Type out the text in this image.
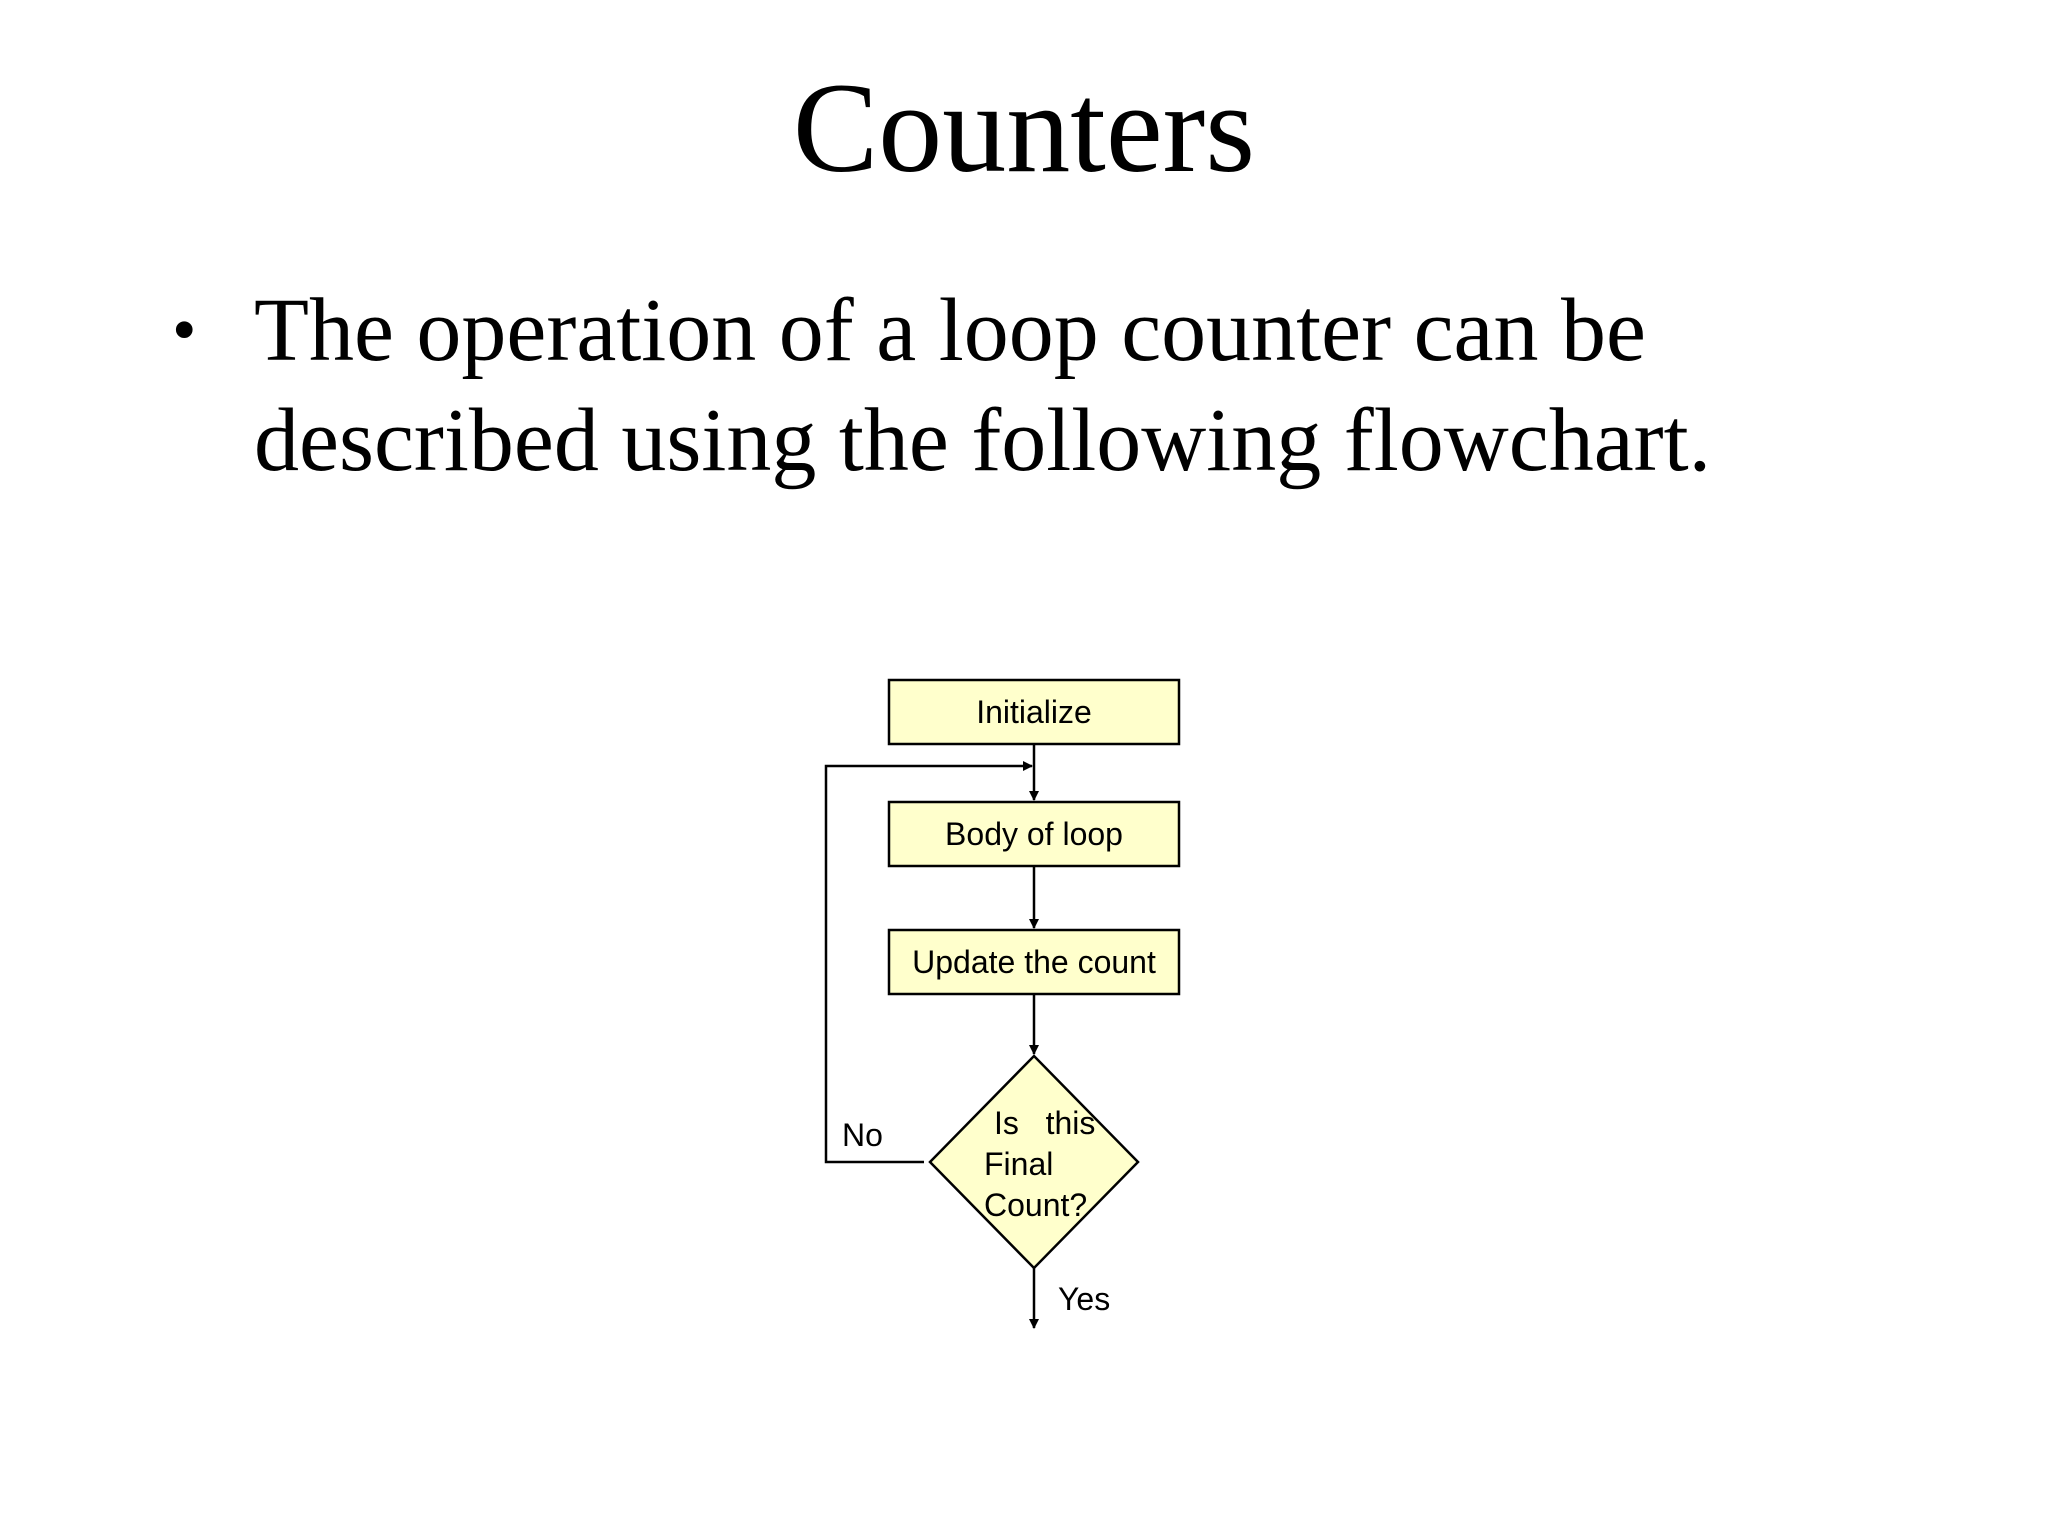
Counters
• The operation of a loop counter can be
described using the following flowchart.
Initialize
Body of loop
Update the count
Is   this
Final
Count?
No
Yes
